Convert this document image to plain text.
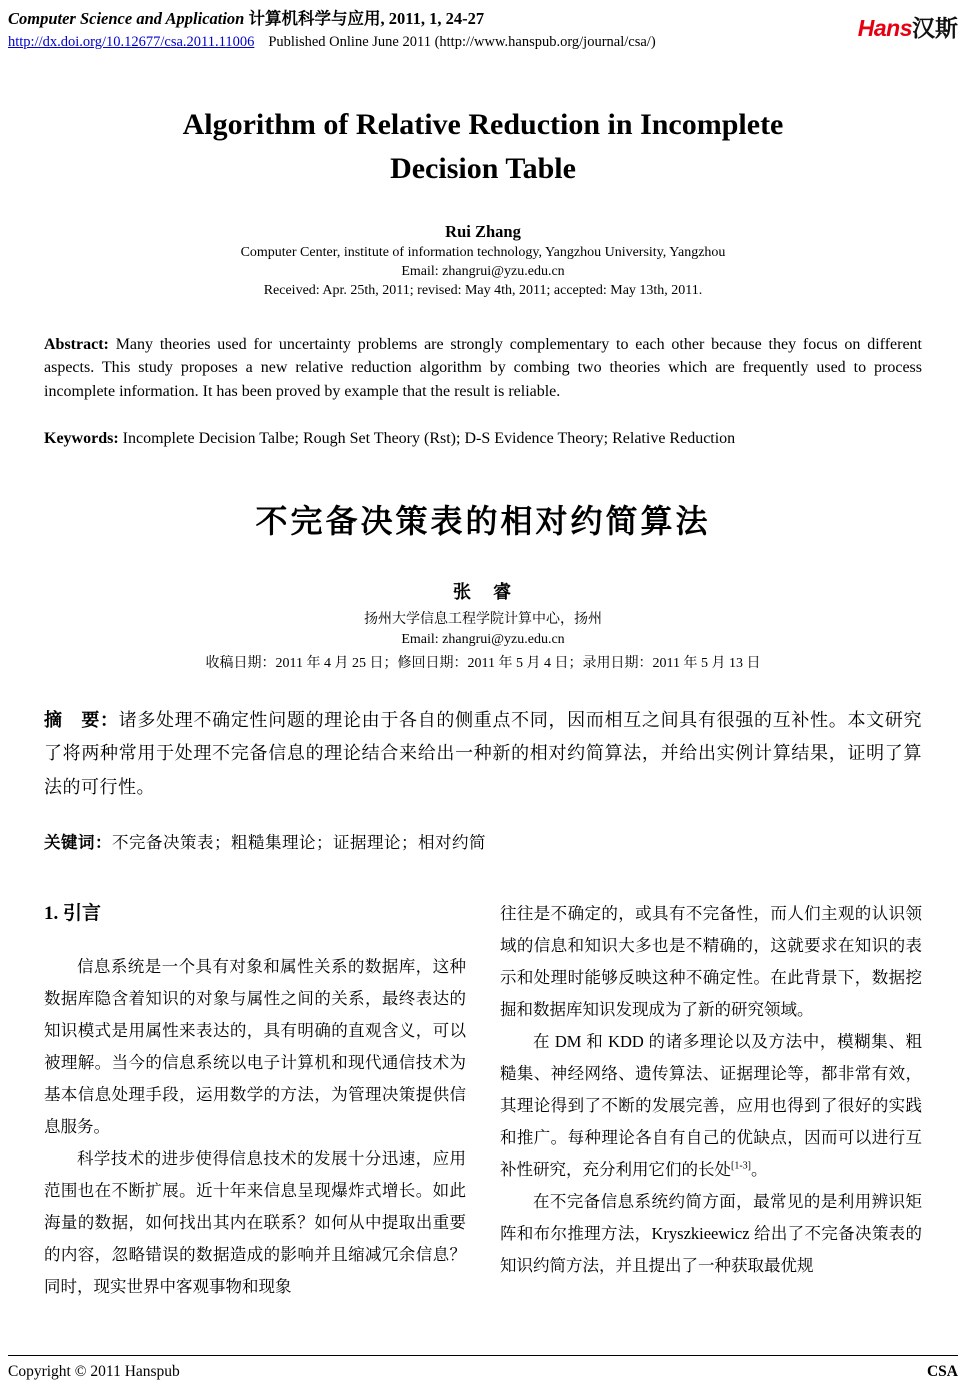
Computer Science and Application 计算机科学与应用, 2011, 1, 24-27
http://dx.doi.org/10.12677/csa.2011.11006 Published Online June 2011 (http://www.hanspub.org/journal/csa/)
Hans汉斯
Algorithm of Relative Reduction in Incomplete
Decision Table
Rui Zhang
Computer Center, institute of information technology, Yangzhou University, Yangzhou
Email: zhangrui@yzu.edu.cn
Received: Apr. 25th, 2011; revised: May 4th, 2011; accepted: May 13th, 2011.

Abstract: Many theories used for uncertainty problems are strongly complementary to each other because they focus on different aspects. This study proposes a new relative reduction algorithm by combing two theories which are frequently used to process incomplete information. It has been proved by example that the result is reliable.

Keywords: Incomplete Decision Talbe; Rough Set Theory (Rst); D-S Evidence Theory; Relative Reduction

不完备决策表的相对约简算法
张　睿
扬州大学信息工程学院计算中心，扬州
Email: zhangrui@yzu.edu.cn
收稿日期：2011 年 4 月 25 日；修回日期：2011 年 5 月 4 日；录用日期：2011 年 5 月 13 日

摘　要：诸多处理不确定性问题的理论由于各自的侧重点不同，因而相互之间具有很强的互补性。本文研究了将两种常用于处理不完备信息的理论结合来给出一种新的相对约简算法，并给出实例计算结果，证明了算法的可行性。

关键词：不完备决策表；粗糙集理论；证据理论；相对约简

1. 引言

信息系统是一个具有对象和属性关系的数据库，这种数据库隐含着知识的对象与属性之间的关系，最终表达的知识模式是用属性来表达的，具有明确的直观含义，可以被理解。当今的信息系统以电子计算机和现代通信技术为基本信息处理手段，运用数学的方法，为管理决策提供信息服务。

科学技术的进步使得信息技术的发展十分迅速，应用范围也在不断扩展。近十年来信息呈现爆炸式增长。如此海量的数据，如何找出其内在联系？如何从中提取出重要的内容，忽略错误的数据造成的影响并且缩减冗余信息？同时，现实世界中客观事物和现象

往往是不确定的，或具有不完备性，而人们主观的认识领域的信息和知识大多也是不精确的，这就要求在知识的表示和处理时能够反映这种不确定性。在此背景下，数据挖掘和数据库知识发现成为了新的研究领域。

在 DM 和 KDD 的诸多理论以及方法中，模糊集、粗糙集、神经网络、遗传算法、证据理论等，都非常有效，其理论得到了不断的发展完善，应用也得到了很好的实践和推广。每种理论各自有自己的优缺点，因而可以进行互补性研究，充分利用它们的长处[1-3]。

在不完备信息系统约简方面，最常见的是利用辨识矩阵和布尔推理方法，Kryszkieewicz 给出了不完备决策表的知识约简方法，并且提出了一种获取最优规

Copyright © 2011 Hanspub	CSA
